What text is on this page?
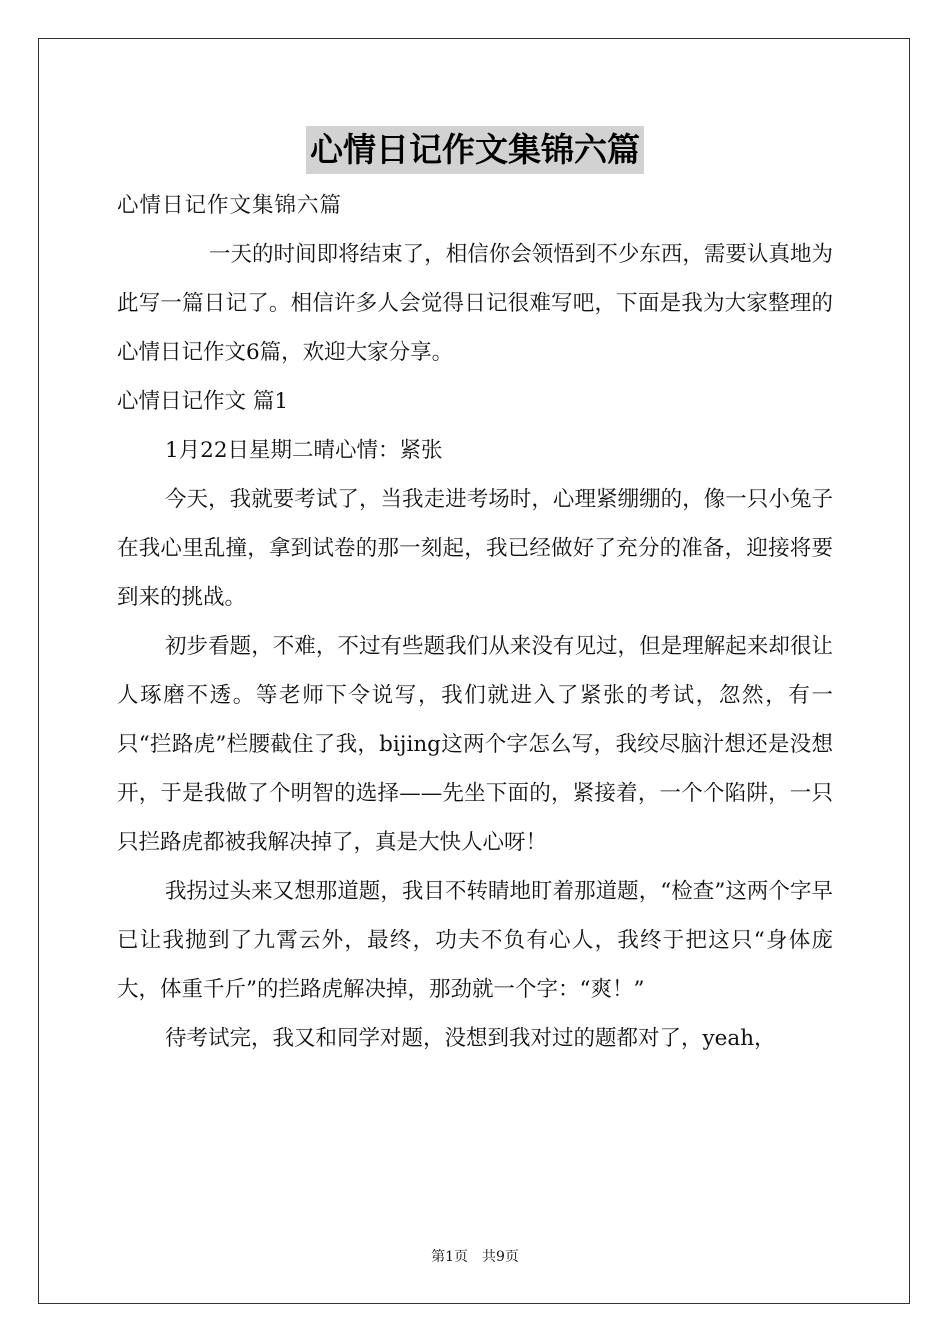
心情日记作文集锦六篇

心情日记作文集锦六篇

一天的时间即将结束了，相信你会领悟到不少东西，需要认真地为此写一篇日记了。相信许多人会觉得日记很难写吧，下面是我为大家整理的心情日记作文6篇，欢迎大家分享。

心情日记作文 篇1

1月22日星期二晴心情：紧张

今天，我就要考试了，当我走进考场时，心理紧绷绷的，像一只小兔子在我心里乱撞，拿到试卷的那一刻起，我已经做好了充分的准备，迎接将要到来的挑战。

初步看题，不难，不过有些题我们从来没有见过，但是理解起来却很让人琢磨不透。等老师下令说写，我们就进入了紧张的考试，忽然，有一只“拦路虎”栏腰截住了我，bijing这两个字怎么写，我绞尽脑汁想还是没想开，于是我做了个明智的选择——先坐下面的，紧接着，一个个陷阱，一只只拦路虎都被我解决掉了，真是大快人心呀！

我拐过头来又想那道题，我目不转睛地盯着那道题，“检查”这两个字早已让我抛到了九霄云外，最终，功夫不负有心人，我终于把这只“身体庞大，体重千斤”的拦路虎解决掉，那劲就一个字：“爽！”

待考试完，我又和同学对题，没想到我对过的题都对了，yeah，

第1页　共9页
